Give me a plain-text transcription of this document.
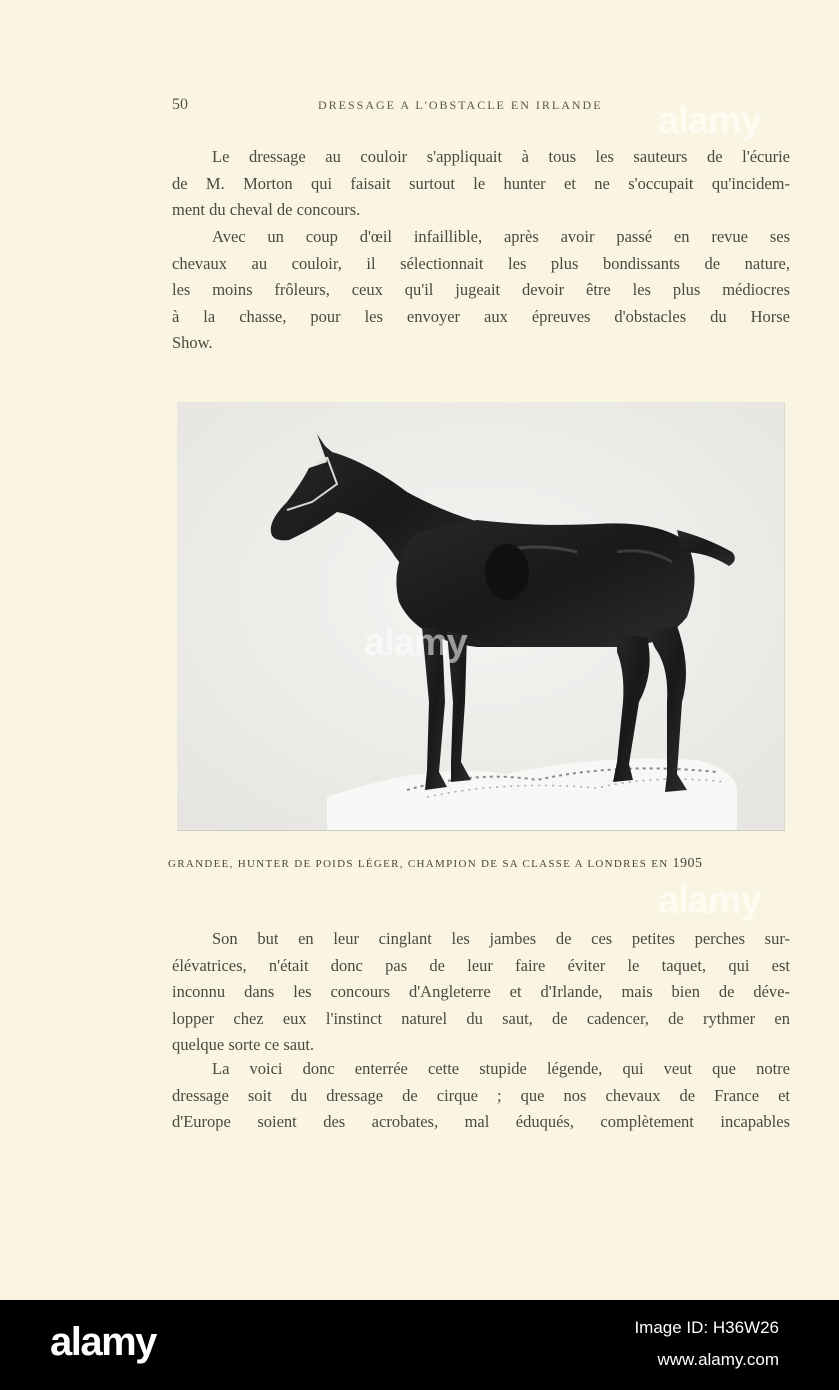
50	DRESSAGE A L'OBSTACLE EN IRLANDE

Le dressage au couloir s'appliquait à tous les sauteurs de l'écurie
de M. Morton qui faisait surtout le hunter et ne s'occupait qu'incidem-
ment du cheval de concours.

Avec un coup d'œil infaillible, après avoir passé en revue ses
chevaux au couloir, il sélectionnait les plus bondissants de nature,
les moins frôleurs, ceux qu'il jugeait devoir être les plus médiocres
à la chasse, pour les envoyer aux épreuves d'obstacles du Horse
Show.

GRANDEE, HUNTER DE POIDS LÉGER, CHAMPION DE SA CLASSE A LONDRES EN 1905

Son but en leur cinglant les jambes de ces petites perches sur-
élévatrices, n'était donc pas de leur faire éviter le taquet, qui est
inconnu dans les concours d'Angleterre et d'Irlande, mais bien de déve-
lopper chez eux l'instinct naturel du saut, de cadencer, de rythmer en
quelque sorte ce saut.

La voici donc enterrée cette stupide légende, qui veut que notre
dressage soit du dressage de cirque ; que nos chevaux de France et
d'Europe soient des acrobates, mal éduqués, complètement incapables

alamy
alamy
alamy
alamy	Image ID: H36W26
www.alamy.com
